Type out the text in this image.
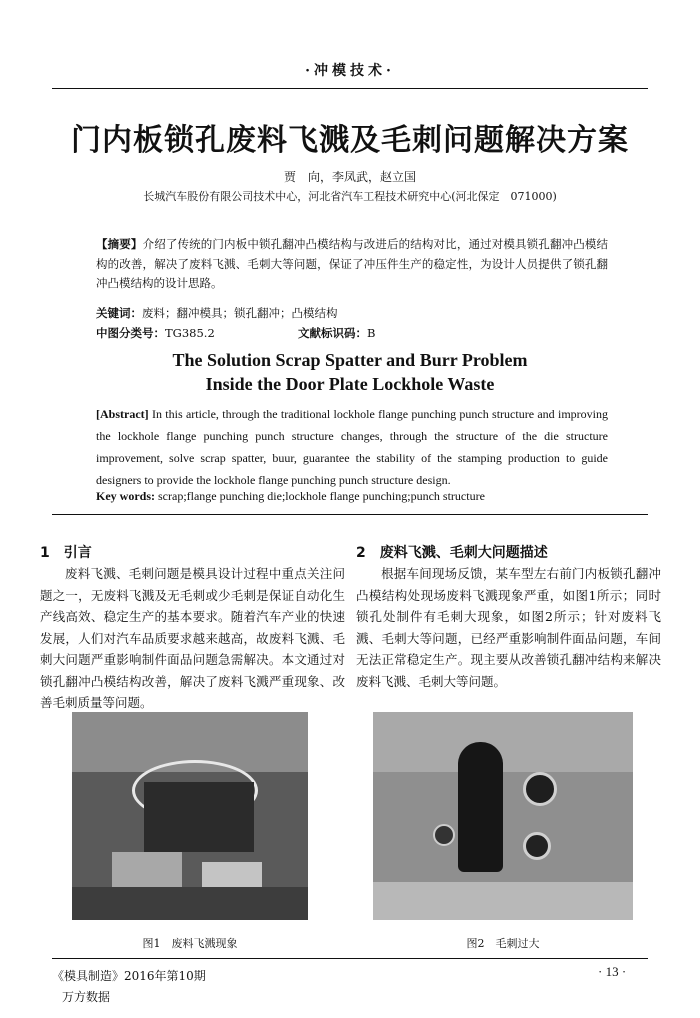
·冲模技术·
门内板锁孔废料飞溅及毛刺问题解决方案
贾　向，李凤武，赵立国
长城汽车股份有限公司技术中心，河北省汽车工程技术研究中心(河北保定　071000)
【摘要】介绍了传统的门内板中锁孔翻冲凸模结构与改进后的结构对比，通过对模具锁孔翻冲凸模结构的改善，解决了废料飞溅、毛刺大等问题，保证了冲压件生产的稳定性，为设计人员提供了锁孔翻冲凸模结构的设计思路。
关键词：废料；翻冲模具；锁孔翻冲；凸模结构
中图分类号：TG385.2	文献标识码：B
The Solution Scrap Spatter and Burr Problem
Inside the Door Plate Lockhole Waste
[Abstract] In this article, through the traditional lockhole flange punching punch structure and improving the lockhole flange punching punch structure changes, through the structure of the die structure improvement, solve scrap spatter, buur, guarantee the stability of the stamping production to guide designers to provide the lockhole flange punching punch structure design.
Key words: scrap;flange punching die;lockhole flange punching;punch structure
1　引言
废料飞溅、毛刺问题是模具设计过程中重点关注问题之一，无废料飞溅及无毛刺或少毛刺是保证自动化生产线高效、稳定生产的基本要求。随着汽车产业的快速发展，人们对汽车品质要求越来越高，故废料飞溅、毛刺大问题严重影响制件面品问题急需解决。本文通过对锁孔翻冲凸模结构改善，解决了废料飞溅严重现象、改善毛刺质量等问题。
2　废料飞溅、毛刺大问题描述
根据车间现场反馈，某车型左右前门内板锁孔翻冲凸模结构处现场废料飞溅现象严重，如图1所示；同时锁孔处制件有毛刺大现象，如图2所示；针对废料飞溅、毛刺大等问题，已经严重影响制件面品问题，车间无法正常稳定生产。现主要从改善锁孔翻冲结构来解决废料飞溅、毛刺大等问题。
图1　废料飞溅现象	图2　毛刺过大
《模具制造》2016年第10期	· 13 ·
万方数据
